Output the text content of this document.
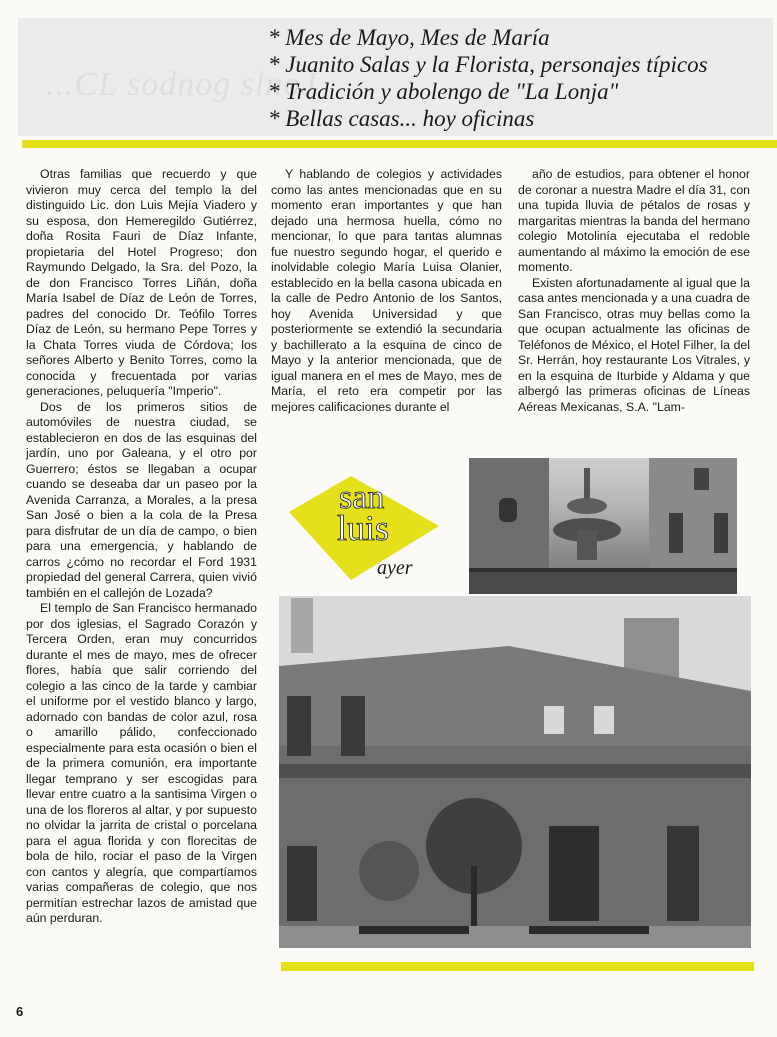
...CL sodnog slnoJ
* Mes de Mayo, Mes de María
* Juanito Salas y la Florista, personajes típicos
* Tradición y abolengo de "La Lonja"
* Bellas casas... hoy oficinas

Otras familias que recuerdo y que vivieron muy cerca del templo la del distinguido Lic. don Luis Mejía Viadero y su esposa, don Hemeregildo Gutiérrez, doña Rosita Fauri de Díaz Infante, propietaria del Hotel Progreso; don Raymundo Delgado, la Sra. del Pozo, la de don Francisco Torres Liñán, doña María Isabel de Díaz de León de Torres, padres del conocido Dr. Teófilo Torres Díaz de León, su hermano Pepe Torres y la Chata Torres viuda de Córdova; los señores Alberto y Benito Torres, como la conocida y frecuentada por varias generaciones, peluquería "Imperio".

Dos de los primeros sitios de automóviles de nuestra ciudad, se establecieron en dos de las esquinas del jardín, uno por Galeana, y el otro por Guerrero; éstos se llegaban a ocupar cuando se deseaba dar un paseo por la Avenida Carranza, a Morales, a la presa San José o bien a la cola de la Presa para disfrutar de un día de campo, o bien para una emergencia, y hablando de carros ¿cómo no recordar el Ford 1931 propiedad del general Carrera, quien vivió también en el callejón de Lozada?

El templo de San Francisco hermanado por dos iglesias, el Sagrado Corazón y Tercera Orden, eran muy concurridos durante el mes de mayo, mes de ofrecer flores, había que salir corriendo del colegio a las cinco de la tarde y cambiar el uniforme por el vestido blanco y largo, adornado con bandas de color azul, rosa o amarillo pálido, confeccionado especialmente para esta ocasión o bien el de la primera comunión, era importante llegar temprano y ser escogidas para llevar entre cuatro a la santisima Virgen o una de los floreros al altar, y por supuesto no olvidar la jarrita de cristal o porcelana para el agua florida y con florecitas de bola de hilo, rociar el paso de la Virgen con cantos y alegría, que compartíamos varias compañeras de colegio, que nos permitían estrechar lazos de amistad que aún perduran.

Y hablando de colegios y actividades como las antes mencionadas que en su momento eran importantes y que han dejado una hermosa huella, cómo no mencionar, lo que para tantas alumnas fue nuestro segundo hogar, el querido e inolvidable colegio María Luisa Olanier, establecido en la bella casona ubicada en la calle de Pedro Antonio de los Santos, hoy Avenida Universidad y que posteriormente se extendió la secundaria y bachillerato a la esquina de cinco de Mayo y la anterior mencionada, que de igual manera en el mes de Mayo, mes de María, el reto era competir por las mejores calificaciones durante el

año de estudios, para obtener el honor de coronar a nuestra Madre el día 31, con una tupida lluvia de pétalos de rosas y margaritas mientras la banda del hermano colegio Motolinía ejecutaba el redoble aumentando al máximo la emoción de ese momento.

Existen afortunadamente al igual que la casa antes mencionada y a una cuadra de San Francisco, otras muy bellas como la que ocupan actualmente las oficinas de Teléfonos de México, el Hotel Filher, la del Sr. Herrán, hoy restaurante Los Vitrales, y en la esquina de Iturbide y Aldama y que albergó las primeras oficinas de Líneas Aéreas Mexicanas, S.A. "Lam-

san
luis
ayer
6
